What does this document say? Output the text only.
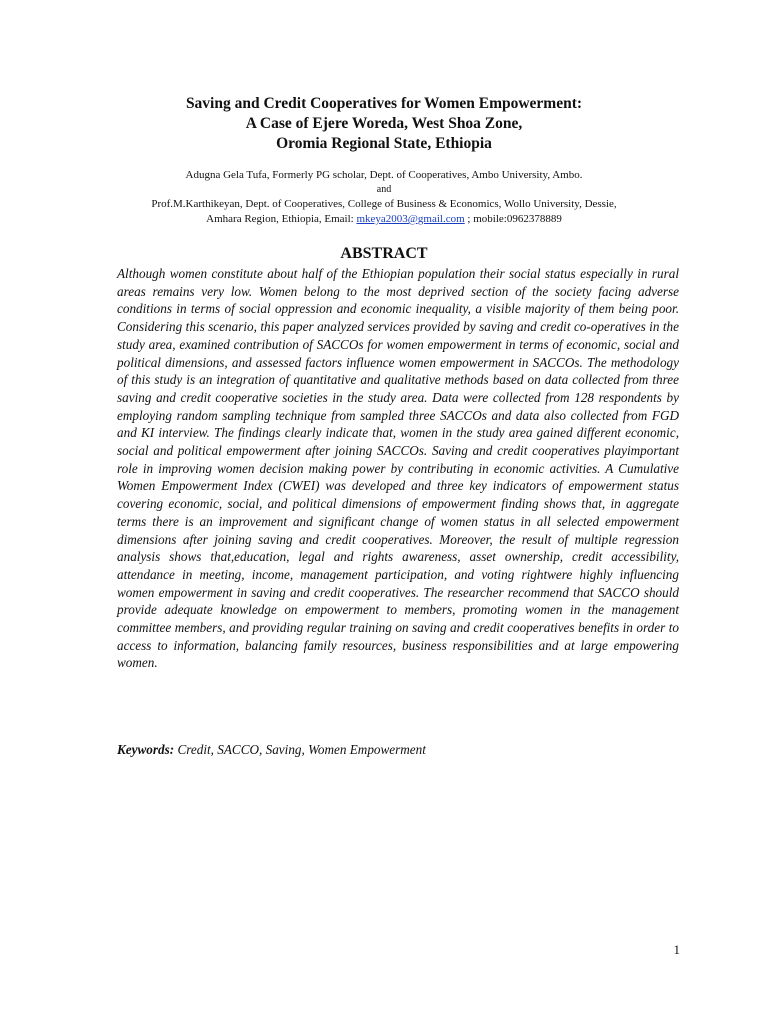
Saving and Credit Cooperatives for Women Empowerment:
A Case of Ejere Woreda, West Shoa Zone,
Oromia Regional State, Ethiopia
Adugna Gela Tufa, Formerly PG scholar, Dept. of Cooperatives, Ambo University, Ambo.
and
Prof.M.Karthikeyan, Dept. of Cooperatives, College of Business & Economics, Wollo University, Dessie,
Amhara Region, Ethiopia, Email: mkeya2003@gmail.com ; mobile:0962378889
ABSTRACT

Although women constitute about half of the Ethiopian population their social status especially in rural areas remains very low. Women belong to the most deprived section of the society facing adverse conditions in terms of social oppression and economic inequality, a visible majority of them being poor. Considering this scenario, this paper analyzed services provided by saving and credit co-operatives in the study area, examined contribution of SACCOs for women empowerment in terms of economic, social and political dimensions, and assessed factors influence women empowerment in SACCOs. The methodology of this study is an integration of quantitative and qualitative methods based on data collected from three saving and credit cooperative societies in the study area. Data were collected from 128 respondents by employing random sampling technique from sampled three SACCOs and data also collected from FGD and KI interview. The findings clearly indicate that, women in the study area gained different economic, social and political empowerment after joining SACCOs. Saving and credit cooperatives playimportant role in improving women decision making power by contributing in economic activities. A Cumulative Women Empowerment Index (CWEI) was developed and three key indicators of empowerment status covering economic, social, and political dimensions of empowerment finding shows that, in aggregate terms there is an improvement and significant change of women status in all selected empowerment dimensions after joining saving and credit cooperatives. Moreover, the result of multiple regression analysis shows that,education, legal and rights awareness, asset ownership, credit accessibility, attendance in meeting, income, management participation, and voting rightwere highly influencing women empowerment in saving and credit cooperatives. The researcher recommend that SACCO should provide adequate knowledge on empowerment to members, promoting women in the management committee members, and providing regular training on saving and credit cooperatives benefits in order to access to information, balancing family resources, business responsibilities and at large empowering women.

Keywords: Credit, SACCO, Saving, Women Empowerment
1
